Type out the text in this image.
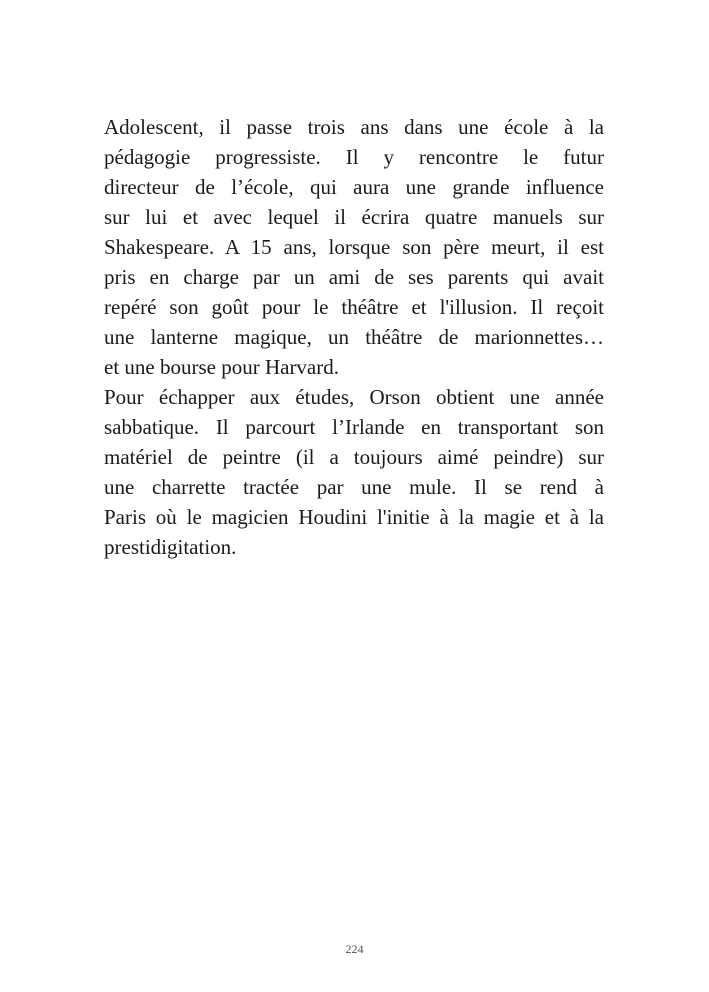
Adolescent, il passe trois ans dans une école à la
pédagogie progressiste. Il y rencontre le futur
directeur de l’école, qui aura une grande influence
sur lui et avec lequel il écrira quatre manuels sur
Shakespeare. A 15 ans, lorsque son père meurt, il est
pris en charge par un ami de ses parents qui avait
repéré son goût pour le théâtre et l'illusion. Il reçoit
une lanterne magique, un théâtre de marionnettes…
et une bourse pour Harvard.
Pour échapper aux études, Orson obtient une année
sabbatique. Il parcourt l’Irlande en transportant son
matériel de peintre (il a toujours aimé peindre) sur
une charrette tractée par une mule. Il se rend à
Paris où le magicien Houdini l'initie à la magie et à la
prestidigitation.
224
